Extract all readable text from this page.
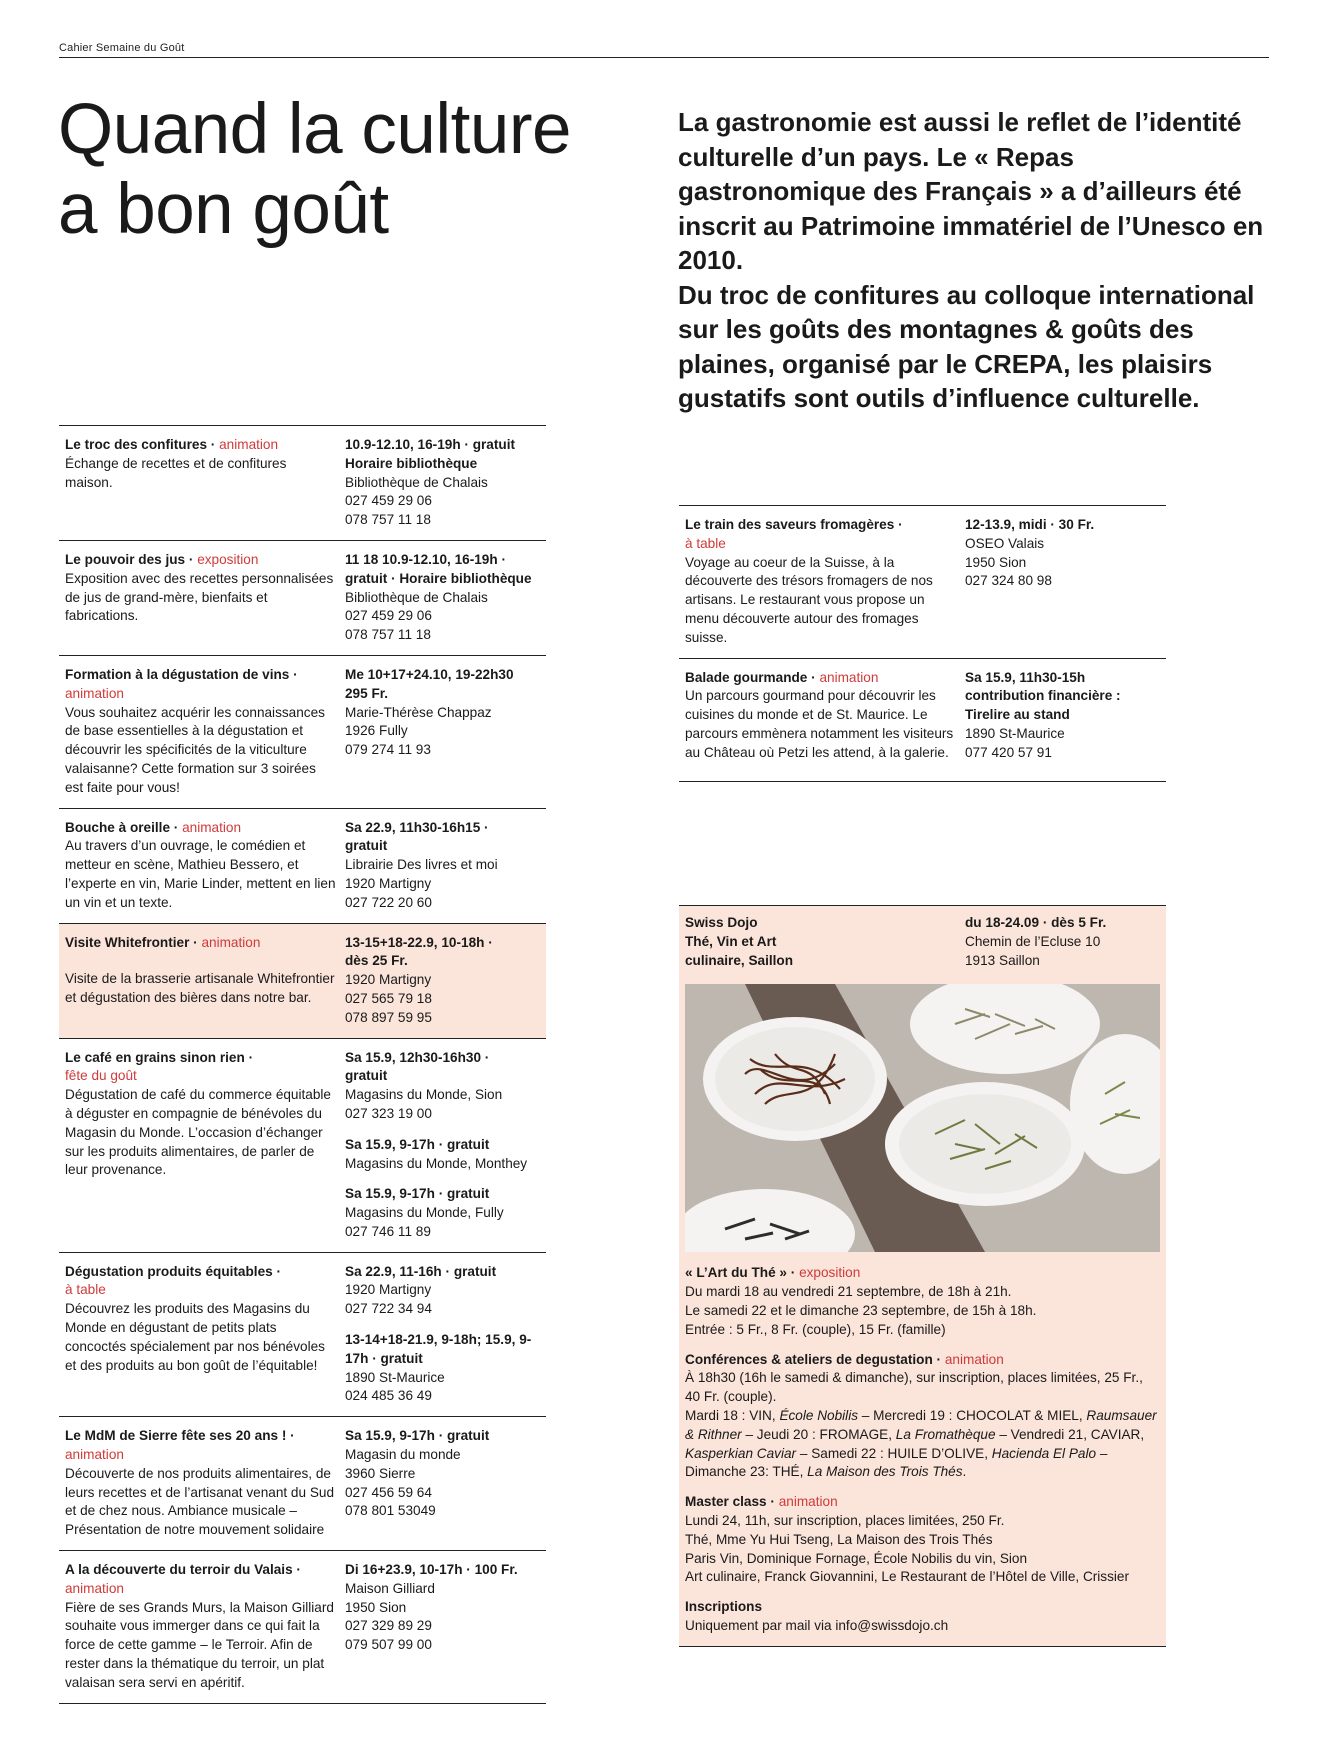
Cahier Semaine du Goût
Quand la culture
a bon goût

La gastronomie est aussi le reflet de l’identité culturelle d’un pays. Le « Repas gastronomique des Français » a d’ailleurs été inscrit au Patrimoine immatériel de l’Unesco en 2010.

Du troc de confitures au colloque international sur les goûts des montagnes & goûts des plaines, organisé par le CREPA, les plaisirs gustatifs sont outils d’influence culturelle.

Le troc des confitures · animation
Échange de recettes et de confitures maison.
10.9-12.10, 16-19h · gratuit
Horaire bibliothèque
Bibliothèque de Chalais
027 459 29 06
078 757 11 18
Le pouvoir des jus · exposition
Exposition avec des recettes personnalisées de jus de grand-mère, bienfaits et fabrications.
11 18 10.9-12.10, 16-19h ·
gratuit · Horaire bibliothèque
Bibliothèque de Chalais
027 459 29 06
078 757 11 18
Formation à la dégustation de vins ·
animation
Vous souhaitez acquérir les connaissances de base essentielles à la dégustation et découvrir les spécificités de la viticulture valaisanne? Cette formation sur 3 soirées est faite pour vous!
Me 10+17+24.10, 19-22h30
295 Fr.
Marie-Thérèse Chappaz
1926 Fully
079 274 11 93
Bouche à oreille · animation
Au travers d’un ouvrage, le comédien et metteur en scène, Mathieu Bessero, et l’experte en vin, Marie Linder, mettent en lien un vin et un texte.
Sa 22.9, 11h30-16h15 ·
gratuit
Librairie Des livres et moi
1920 Martigny
027 722 20 60
Visite Whitefrontier · animation
Visite de la brasserie artisanale Whitefrontier et dégustation des bières dans notre bar.
13-15+18-22.9, 10-18h ·
dès 25 Fr.
1920 Martigny
027 565 79 18
078 897 59 95
Le café en grains sinon rien ·
fête du goût
Dégustation de café du commerce équitable à déguster en compagnie de bénévoles du Magasin du Monde. L’occasion d’échanger sur les produits alimentaires, de parler de leur provenance.
Sa 15.9, 12h30-16h30 ·
gratuit
Magasins du Monde, Sion
027 323 19 00
Sa 15.9, 9-17h · gratuit
Magasins du Monde, Monthey
Sa 15.9, 9-17h · gratuit
Magasins du Monde, Fully
027 746 11 89
Dégustation produits équitables ·
à table
Découvrez les produits des Magasins du Monde en dégustant de petits plats concoctés spécialement par nos bénévoles et des produits au bon goût de l’équitable!
Sa 22.9, 11-16h · gratuit
1920 Martigny
027 722 34 94
13-14+18-21.9, 9-18h; 15.9, 9-17h · gratuit
1890 St-Maurice
024 485 36 49
Le MdM de Sierre fête ses 20 ans ! ·
animation
Découverte de nos produits alimentaires, de leurs recettes et de l’artisanat venant du Sud et de chez nous. Ambiance musicale – Présentation de notre mouvement solidaire
Sa 15.9, 9-17h · gratuit
Magasin du monde
3960 Sierre
027 456 59 64
078 801 53049
A la découverte du terroir du Valais ·
animation
Fière de ses Grands Murs, la Maison Gilliard souhaite vous immerger dans ce qui fait la force de cette gamme – le Terroir. Afin de rester dans la thématique du terroir, un plat valaisan sera servi en apéritif.
Di 16+23.9, 10-17h · 100 Fr.
Maison Gilliard
1950 Sion
027 329 89 29
079 507 99 00
Le train des saveurs fromagères ·
à table
Voyage au coeur de la Suisse, à la découverte des trésors fromagers de nos artisans. Le restaurant vous propose un menu découverte autour des fromages suisse.
12-13.9, midi · 30 Fr.
OSEO Valais
1950 Sion
027 324 80 98
Balade gourmande · animation
Un parcours gourmand pour découvrir les cuisines du monde et de St. Maurice. Le parcours emmènera notamment les visiteurs au Château où Petzi les attend, à la galerie.
Sa 15.9, 11h30-15h
contribution financière :
Tirelire au stand
1890 St-Maurice
077 420 57 91
Swiss Dojo
Thé, Vin et Art
culinaire, Saillon
du 18-24.09 · dès 5 Fr.
Chemin de l’Ecluse 10
1913 Saillon
« L’Art du Thé » · exposition
Du mardi 18 au vendredi 21 septembre, de 18h à 21h.
Le samedi 22 et le dimanche 23 septembre, de 15h à 18h.
Entrée : 5 Fr., 8 Fr. (couple), 15 Fr. (famille)
Conférences & ateliers de degustation · animation
À 18h30 (16h le samedi & dimanche), sur inscription, places limitées, 25 Fr., 40 Fr. (couple).
Mardi 18 : VIN, École Nobilis – Mercredi 19 : CHOCOLAT & MIEL, Raumsauer & Rithner – Jeudi 20 : FROMAGE, La Fromathèque – Vendredi 21, CAVIAR, Kasperkian Caviar – Samedi 22 : HUILE D’OLIVE, Hacienda El Palo – Dimanche 23: THÉ, La Maison des Trois Thés.
Master class · animation
Lundi 24, 11h, sur inscription, places limitées, 250 Fr.
Thé, Mme Yu Hui Tseng, La Maison des Trois Thés
Paris Vin, Dominique Fornage, École Nobilis du vin, Sion
Art culinaire, Franck Giovannini, Le Restaurant de l’Hôtel de Ville, Crissier
Inscriptions
Uniquement par mail via info@swissdojo.ch
